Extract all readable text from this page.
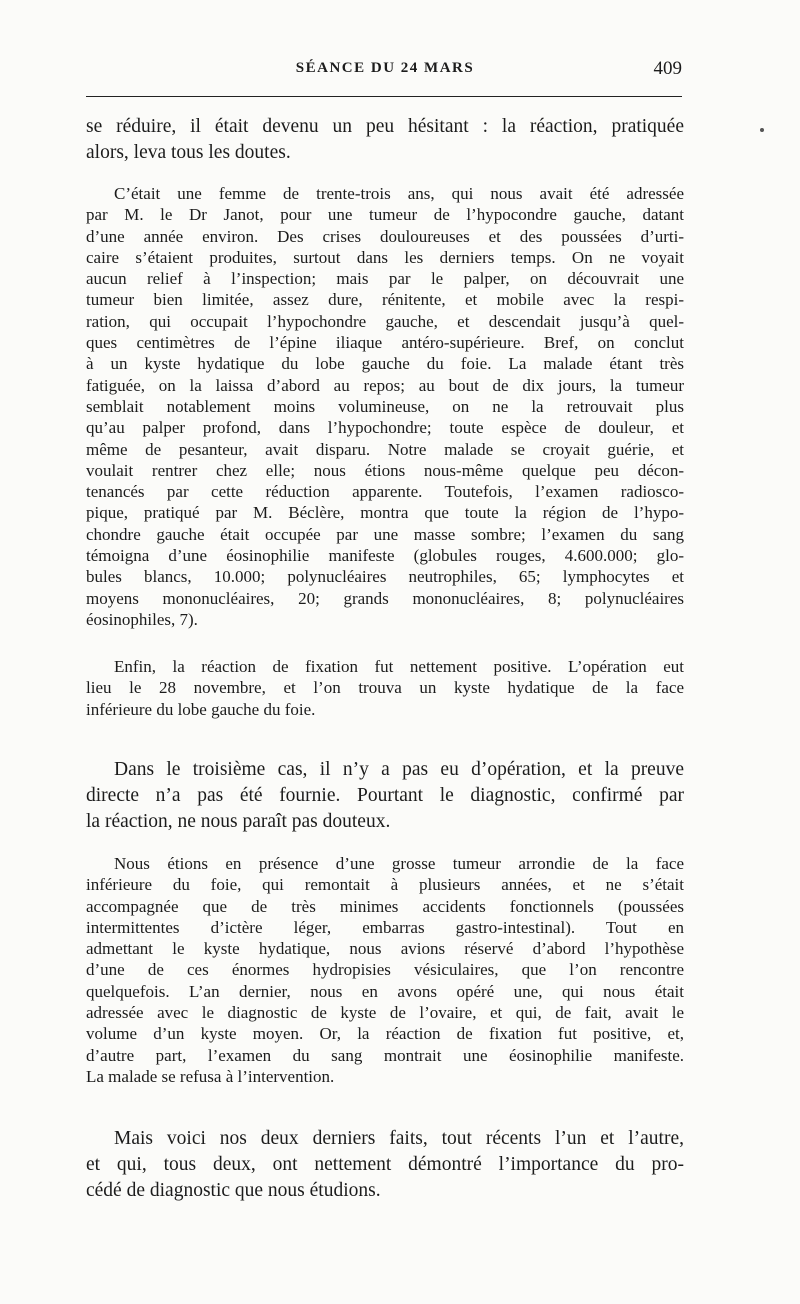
SÉANCE DU 24 MARS	409
se réduire, il était devenu un peu hésitant : la réaction, pratiquée
alors, leva tous les doutes.
C’était une femme de trente-trois ans, qui nous avait été adressée
par M. le Dr Janot, pour une tumeur de l’hypocondre gauche, datant
d’une année environ. Des crises douloureuses et des poussées d’urti-
caire s’étaient produites, surtout dans les derniers temps. On ne voyait
aucun relief à l’inspection; mais par le palper, on découvrait une
tumeur bien limitée, assez dure, rénitente, et mobile avec la respi-
ration, qui occupait l’hypochondre gauche, et descendait jusqu’à quel-
ques centimètres de l’épine iliaque antéro-supérieure. Bref, on conclut
à un kyste hydatique du lobe gauche du foie. La malade étant très
fatiguée, on la laissa d’abord au repos; au bout de dix jours, la tumeur
semblait notablement moins volumineuse, on ne la retrouvait plus
qu’au palper profond, dans l’hypochondre; toute espèce de douleur, et
même de pesanteur, avait disparu. Notre malade se croyait guérie, et
voulait rentrer chez elle; nous étions nous-même quelque peu décon-
tenancés par cette réduction apparente. Toutefois, l’examen radiosco-
pique, pratiqué par M. Béclère, montra que toute la région de l’hypo-
chondre gauche était occupée par une masse sombre; l’examen du sang
témoigna d’une éosinophilie manifeste (globules rouges, 4.600.000; glo-
bules blancs, 10.000; polynucléaires neutrophiles, 65; lymphocytes et
moyens mononucléaires, 20; grands mononucléaires, 8; polynucléaires
éosinophiles, 7).
Enfin, la réaction de fixation fut nettement positive. L’opération eut
lieu le 28 novembre, et l’on trouva un kyste hydatique de la face
inférieure du lobe gauche du foie.
Dans le troisième cas, il n’y a pas eu d’opération, et la preuve
directe n’a pas été fournie. Pourtant le diagnostic, confirmé par
la réaction, ne nous paraît pas douteux.
Nous étions en présence d’une grosse tumeur arrondie de la face
inférieure du foie, qui remontait à plusieurs années, et ne s’était
accompagnée que de très minimes accidents fonctionnels (poussées
intermittentes d’ictère léger, embarras gastro-intestinal). Tout en
admettant le kyste hydatique, nous avions réservé d’abord l’hypothèse
d’une de ces énormes hydropisies vésiculaires, que l’on rencontre
quelquefois. L’an dernier, nous en avons opéré une, qui nous était
adressée avec le diagnostic de kyste de l’ovaire, et qui, de fait, avait le
volume d’un kyste moyen. Or, la réaction de fixation fut positive, et,
d’autre part, l’examen du sang montrait une éosinophilie manifeste.
La malade se refusa à l’intervention.
Mais voici nos deux derniers faits, tout récents l’un et l’autre,
et qui, tous deux, ont nettement démontré l’importance du pro-
cédé de diagnostic que nous étudions.
